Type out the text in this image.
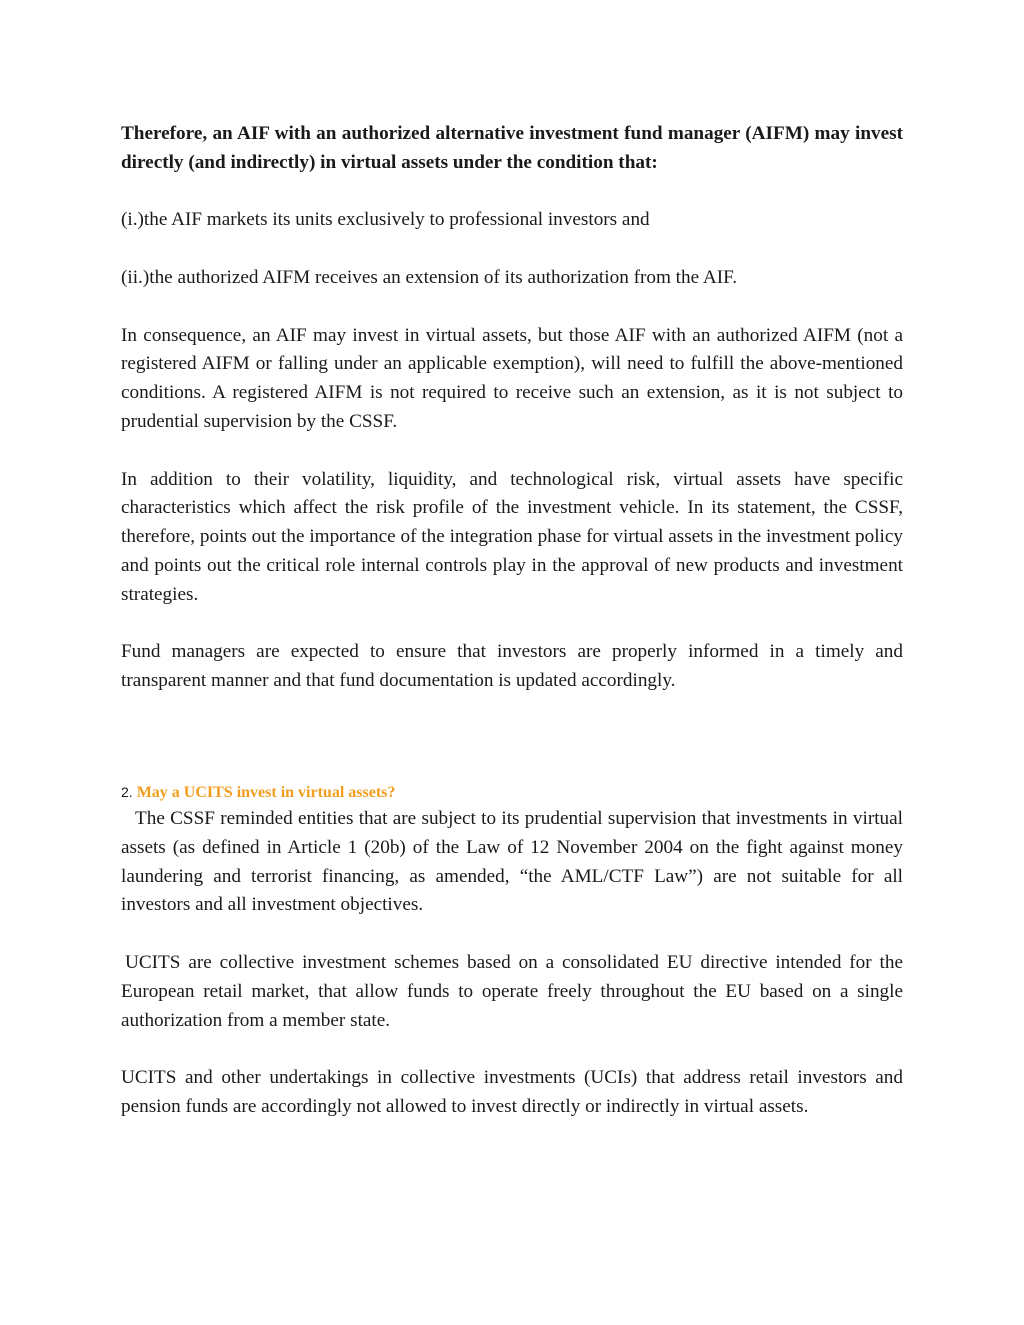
Therefore, an AIF with an authorized alternative investment fund manager (AIFM) may invest directly (and indirectly) in virtual assets under the condition that:

(i.)the AIF markets its units exclusively to professional investors and

(ii.)the authorized AIFM receives an extension of its authorization from the AIF.

In consequence, an AIF may invest in virtual assets, but those AIF with an authorized AIFM (not a registered AIFM or falling under an applicable exemption), will need to fulfill the above-mentioned conditions. A registered AIFM is not required to receive such an extension, as it is not subject to prudential supervision by the CSSF.

In addition to their volatility, liquidity, and technological risk, virtual assets have specific characteristics which affect the risk profile of the investment vehicle. In its statement, the CSSF, therefore, points out the importance of the integration phase for virtual assets in the investment policy and points out the critical role internal controls play in the approval of new products and investment strategies.

Fund managers are expected to ensure that investors are properly informed in a timely and transparent manner and that fund documentation is updated accordingly.

2. May a UCITS invest in virtual assets?

The CSSF reminded entities that are subject to its prudential supervision that investments in virtual assets (as defined in Article 1 (20b) of the Law of 12 November 2004 on the fight against money laundering and terrorist financing, as amended, “the AML/CTF Law”) are not suitable for all investors and all investment objectives.

UCITS are collective investment schemes based on a consolidated EU directive intended for the European retail market, that allow funds to operate freely throughout the EU based on a single authorization from a member state.

UCITS and other undertakings in collective investments (UCIs) that address retail investors and pension funds are accordingly not allowed to invest directly or indirectly in virtual assets.
